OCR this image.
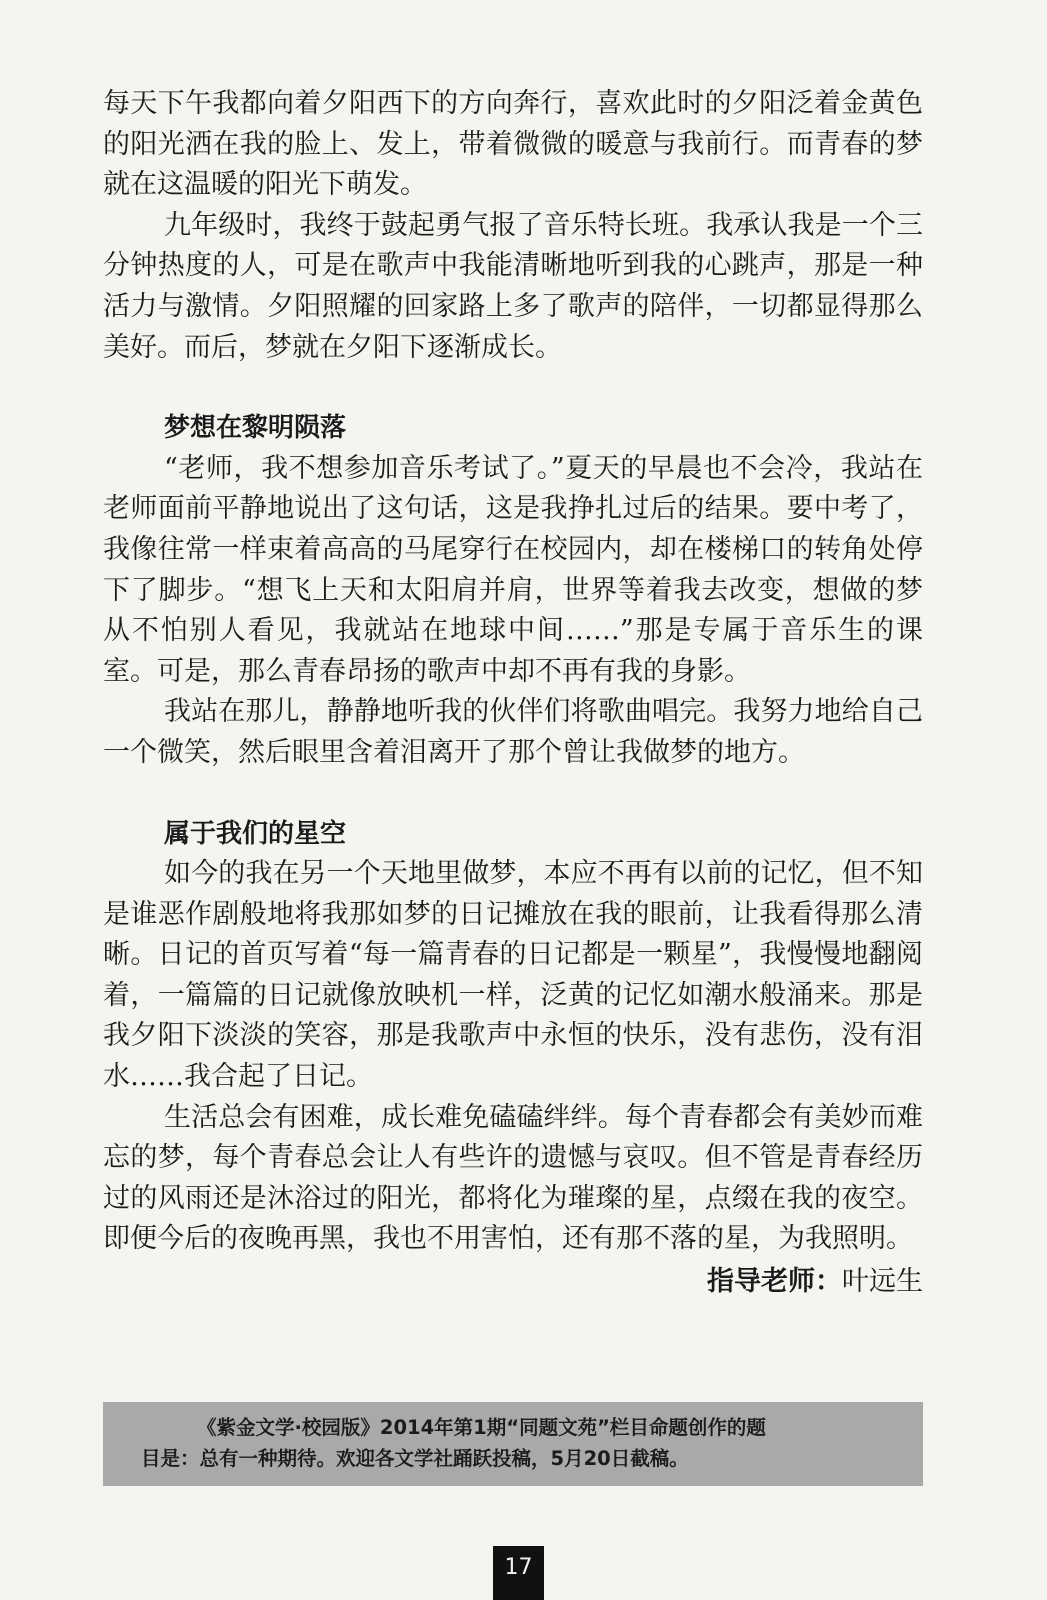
每天下午我都向着夕阳西下的方向奔行，喜欢此时的夕阳泛着金黄色的阳光洒在我的脸上、发上，带着微微的暖意与我前行。而青春的梦就在这温暖的阳光下萌发。

九年级时，我终于鼓起勇气报了音乐特长班。我承认我是一个三分钟热度的人，可是在歌声中我能清晰地听到我的心跳声，那是一种活力与激情。夕阳照耀的回家路上多了歌声的陪伴，一切都显得那么美好。而后，梦就在夕阳下逐渐成长。

梦想在黎明陨落

“老师，我不想参加音乐考试了。”夏天的早晨也不会冷，我站在老师面前平静地说出了这句话，这是我挣扎过后的结果。要中考了，我像往常一样束着高高的马尾穿行在校园内，却在楼梯口的转角处停下了脚步。“想飞上天和太阳肩并肩，世界等着我去改变，想做的梦从不怕别人看见，我就站在地球中间……”那是专属于音乐生的课室。可是，那么青春昂扬的歌声中却不再有我的身影。

我站在那儿，静静地听我的伙伴们将歌曲唱完。我努力地给自己一个微笑，然后眼里含着泪离开了那个曾让我做梦的地方。

属于我们的星空

如今的我在另一个天地里做梦，本应不再有以前的记忆，但不知是谁恶作剧般地将我那如梦的日记摊放在我的眼前，让我看得那么清晰。日记的首页写着“每一篇青春的日记都是一颗星”，我慢慢地翻阅着，一篇篇的日记就像放映机一样，泛黄的记忆如潮水般涌来。那是我夕阳下淡淡的笑容，那是我歌声中永恒的快乐，没有悲伤，没有泪水……我合起了日记。

生活总会有困难，成长难免磕磕绊绊。每个青春都会有美妙而难忘的梦，每个青春总会让人有些许的遗憾与哀叹。但不管是青春经历过的风雨还是沐浴过的阳光，都将化为璀璨的星，点缀在我的夜空。即便今后的夜晚再黑，我也不用害怕，还有那不落的星，为我照明。

指导老师：叶远生

《紫金文学·校园版》2014年第1期“同题文苑”栏目命题创作的题
目是：总有一种期待。欢迎各文学社踊跃投稿，5月20日截稿。
17
